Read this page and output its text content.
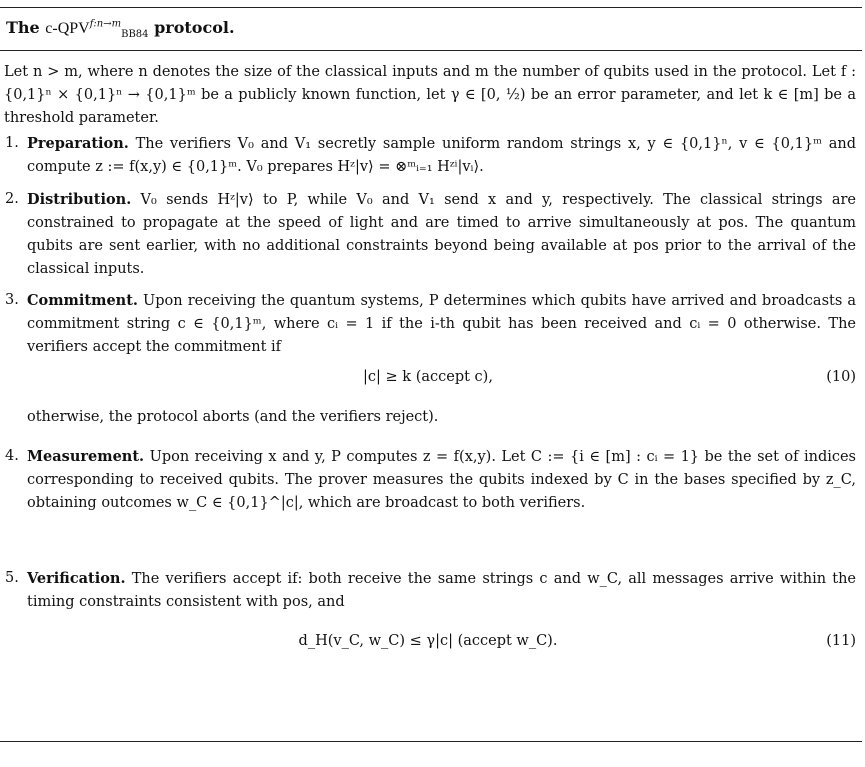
The $c-QPV^{f:n\to m}_{BB84}$ protocol.
Let n > m, where n denotes the size of the classical inputs and m the number of qubits used in the protocol. Let f : {0,1}ⁿ × {0,1}ⁿ → {0,1}ᵐ be a publicly known function, let γ ∈ [0, ½) be an error parameter, and let k ∈ [m] be a threshold parameter.
1. Preparation. The verifiers V₀ and V₁ secretly sample uniform random strings x, y ∈ {0,1}ⁿ, v ∈ {0,1}ᵐ and compute z := f(x,y) ∈ {0,1}ᵐ. V₀ prepares Hᶻ|v⟩ = ⊗ᵐᵢ₌₁ Hᶻⁱ|vᵢ⟩.
2. Distribution. V₀ sends Hᶻ|v⟩ to P, while V₀ and V₁ send x and y, respectively. The classical strings are constrained to propagate at the speed of light and are timed to arrive simultaneously at pos. The quantum qubits are sent earlier, with no additional constraints beyond being available at pos prior to the arrival of the classical inputs.
3. Commitment. Upon receiving the quantum systems, P determines which qubits have arrived and broadcasts a commitment string c ∈ {0,1}ᵐ, where cᵢ = 1 if the i-th qubit has been received and cᵢ = 0 otherwise. The verifiers accept the commitment if
|c| ≥ k (accept c),	(10)
otherwise, the protocol aborts (and the verifiers reject).
4. Measurement. Upon receiving x and y, P computes z = f(x,y). Let C := {i ∈ [m] : cᵢ = 1} be the set of indices corresponding to received qubits. The prover measures the qubits indexed by C in the bases specified by z_C, obtaining outcomes w_C ∈ {0,1}^|c|, which are broadcast to both verifiers.
5. Verification. The verifiers accept if: both receive the same strings c and w_C, all messages arrive within the timing constraints consistent with pos, and
d_H(v_C, w_C) ≤ γ|c| (accept w_C).	(11)
